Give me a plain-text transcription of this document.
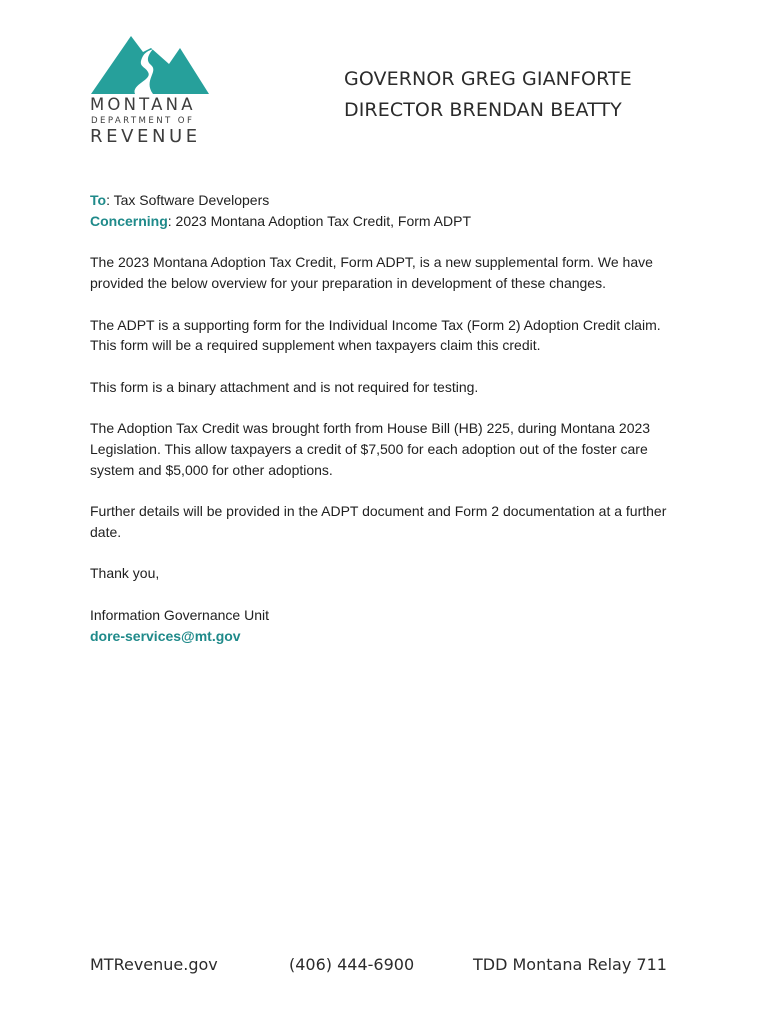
MONTANA
DEPARTMENT OF
REVENUE
GOVERNOR GREG GIANFORTE
DIRECTOR BRENDAN BEATTY
To: Tax Software Developers
Concerning: 2023 Montana Adoption Tax Credit, Form ADPT

The 2023 Montana Adoption Tax Credit, Form ADPT, is a new supplemental form. We have provided the below overview for your preparation in development of these changes.

The ADPT is a supporting form for the Individual Income Tax (Form 2) Adoption Credit claim. This form will be a required supplement when taxpayers claim this credit.

This form is a binary attachment and is not required for testing.

The Adoption Tax Credit was brought forth from House Bill (HB) 225, during Montana 2023 Legislation. This allow taxpayers a credit of $7,500 for each adoption out of the foster care system and $5,000 for other adoptions.

Further details will be provided in the ADPT document and Form 2 documentation at a further date.

Thank you,

Information Governance Unit
dore-services@mt.gov
MTRevenue.gov	(406) 444-6900	TDD Montana Relay 711
